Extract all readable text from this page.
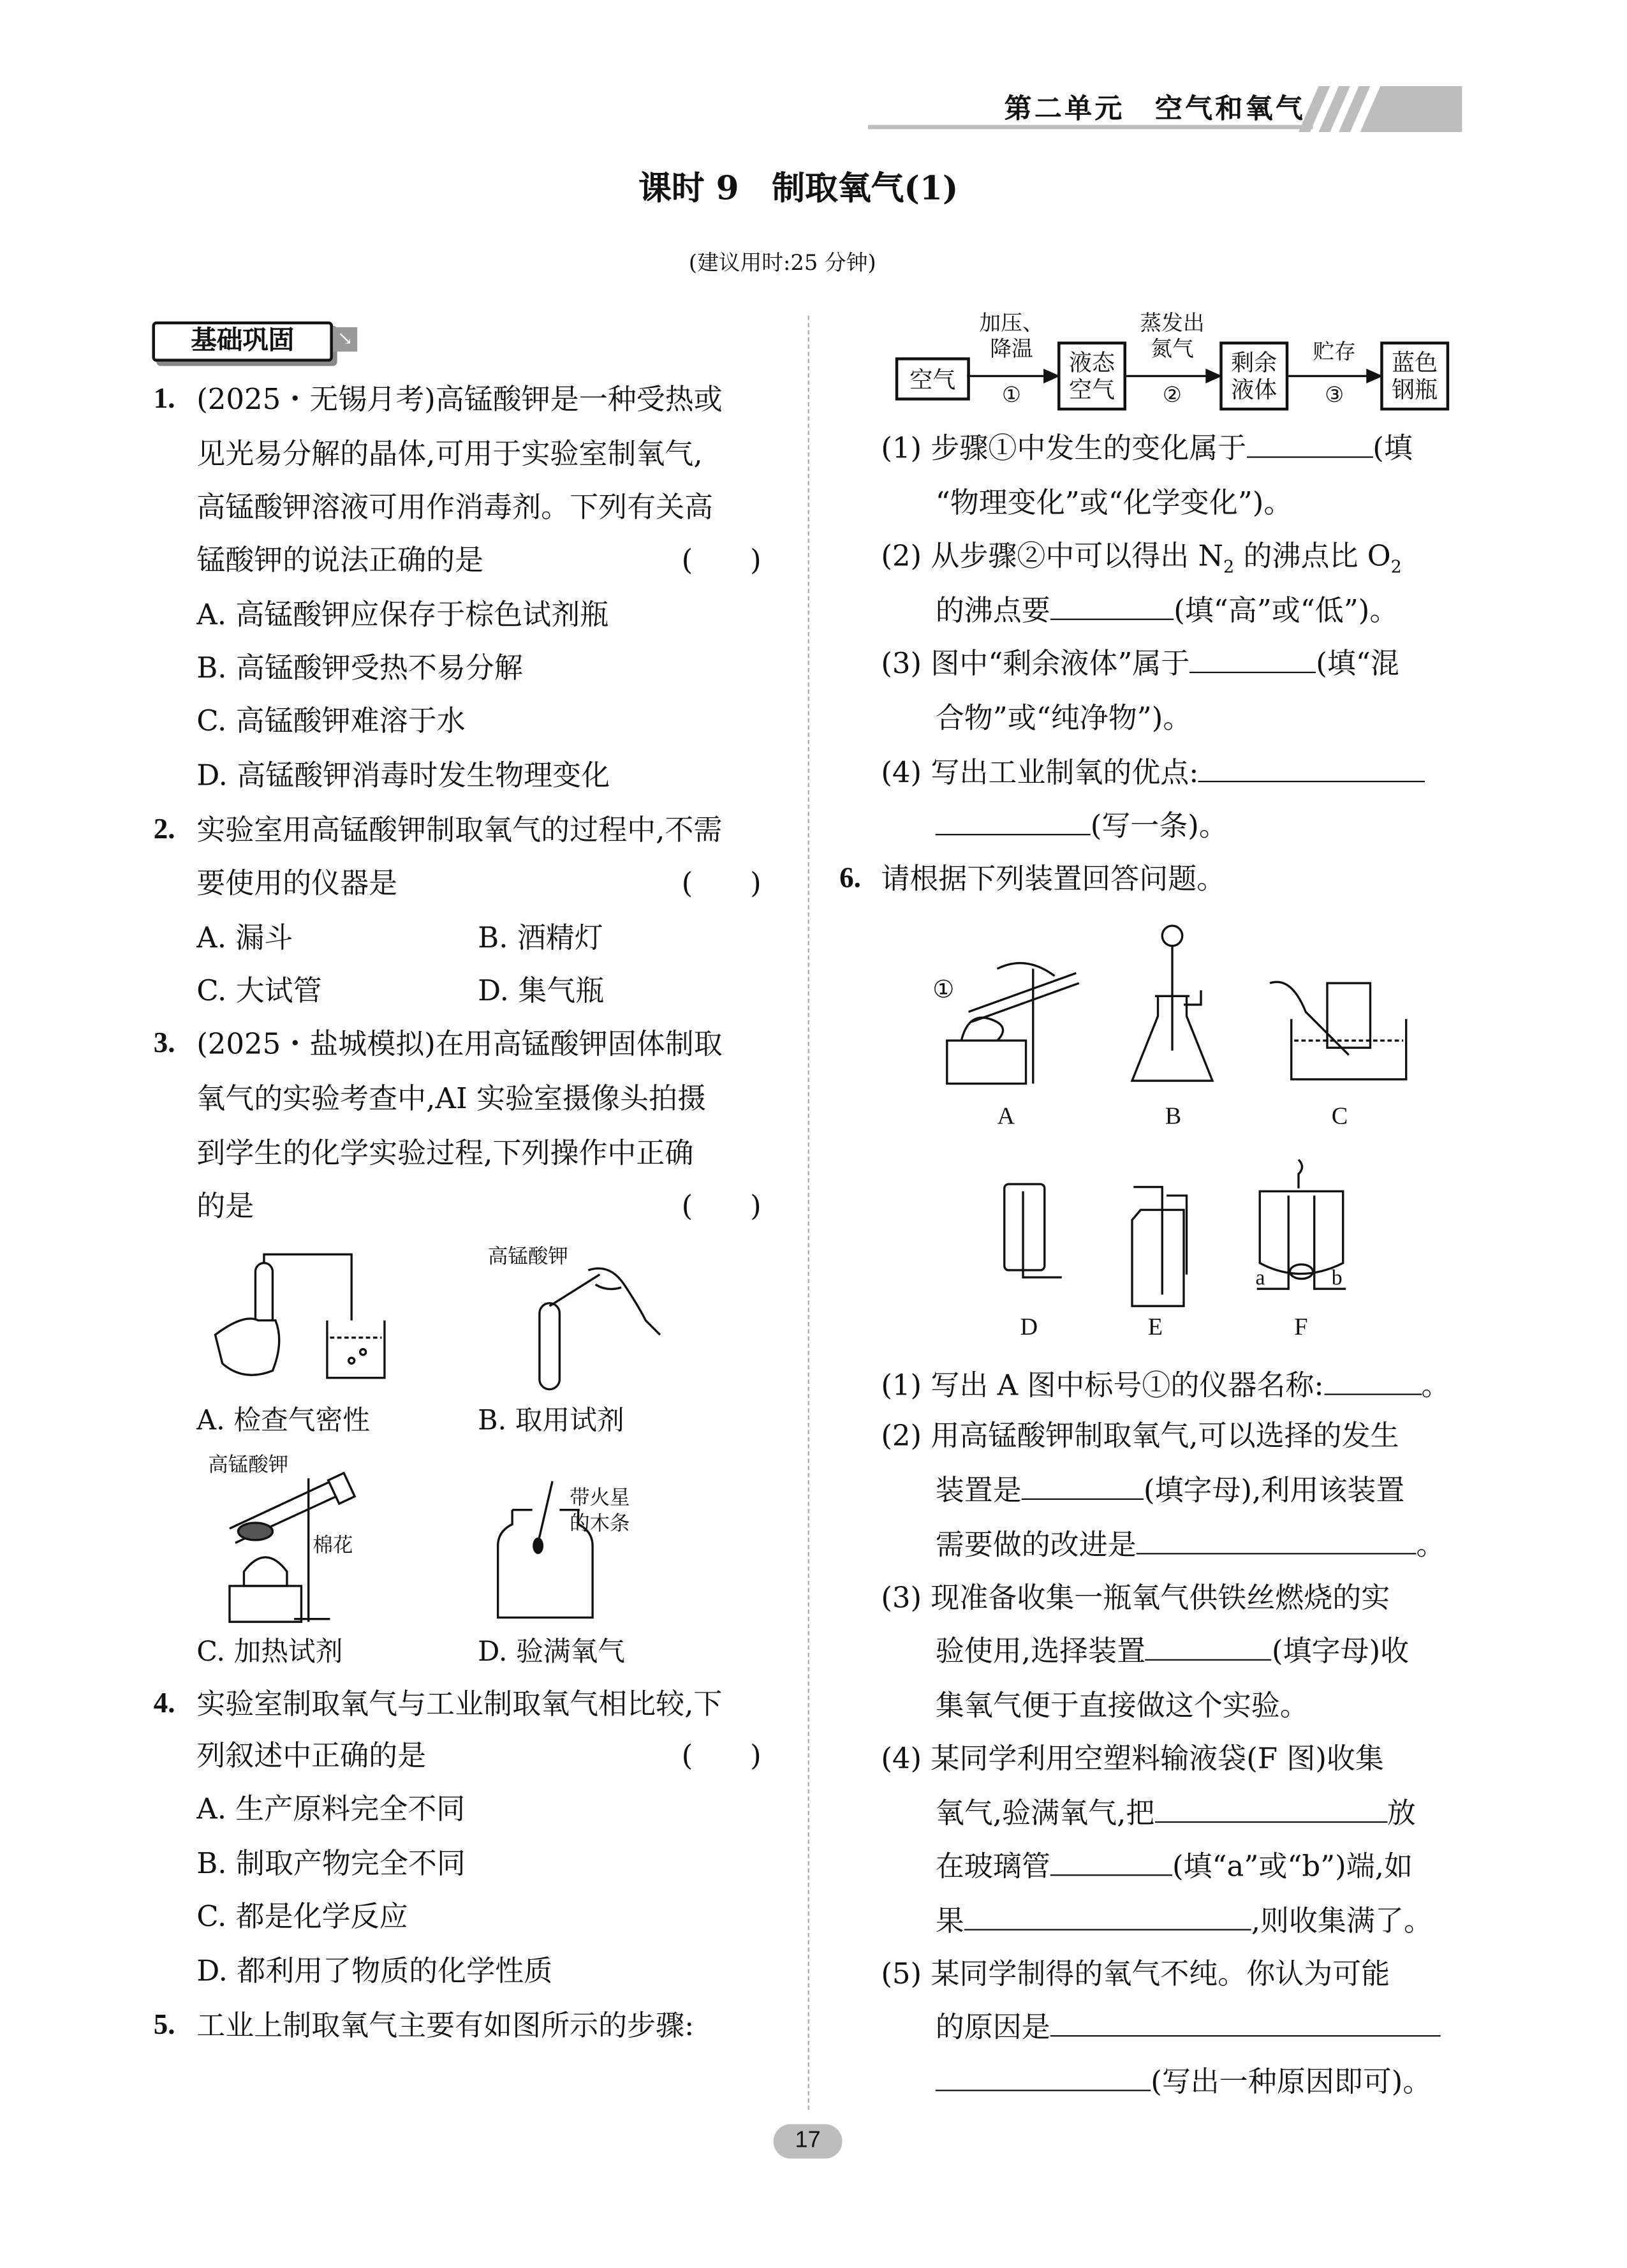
第二单元　空气和氧气
课时 9　制取氧气(1)
(建议用时:25 分钟)
基础巩固	↘
1. (2025・无锡月考)高锰酸钾是一种受热或
见光易分解的晶体,可用于实验室制氧气,
高锰酸钾溶液可用作消毒剂。下列有关高
锰酸钾的说法正确的是	(　　)
A. 高锰酸钾应保存于棕色试剂瓶
B. 高锰酸钾受热不易分解
C. 高锰酸钾难溶于水
D. 高锰酸钾消毒时发生物理变化
2. 实验室用高锰酸钾制取氧气的过程中,不需
要使用的仪器是	(　　)
A. 漏斗	B. 酒精灯
C. 大试管	D. 集气瓶
3. (2025・盐城模拟)在用高锰酸钾固体制取
氧气的实验考查中,AI 实验室摄像头拍摄
到学生的化学实验过程,下列操作中正确
的是	(　　)
A. 检查气密性
高锰酸钾
B. 取用试剂
高锰酸钾
棉花
C. 加热试剂
带火星
的木条
D. 验满氧气
4. 实验室制取氧气与工业制取氧气相比较,下
列叙述中正确的是	(　　)
A. 生产原料完全不同
B. 制取产物完全不同
C. 都是化学反应
D. 都利用了物质的化学性质
5. 工业上制取氧气主要有如图所示的步骤:
空气
液态空气
剩余
液体
蓝色钢瓶
加压、
降温
①
蒸发出
氮气
②
贮存
③
(1) 步骤①中发生的变化属于	(填
“物理变化”或“化学变化”)。
(2) 从步骤②中可以得出 $N_2$ 的沸点比 $O_2$
的沸点要	(填“高”或“低”)。
(3) 图中“剩余液体”属于	(填“混
合物”或“纯净物”)。
(4) 写出工业制氧的优点:
(写一条)。
6. 请根据下列装置回答问题。
①
A	B	C
a	b
D	E	F
(1) 写出 A 图中标号①的仪器名称:	。
(2) 用高锰酸钾制取氧气,可以选择的发生
装置是	(填字母),利用该装置
需要做的改进是	。
(3) 现准备收集一瓶氧气供铁丝燃烧的实
验使用,选择装置	(填字母)收
集氧气便于直接做这个实验。
(4) 某同学利用空塑料输液袋(F 图)收集
氧气,验满氧气,把	放
在玻璃管	(填“a”或“b”)端,如
果	,则收集满了。
(5) 某同学制得的氧气不纯。你认为可能
的原因是
(写出一种原因即可)。
17
